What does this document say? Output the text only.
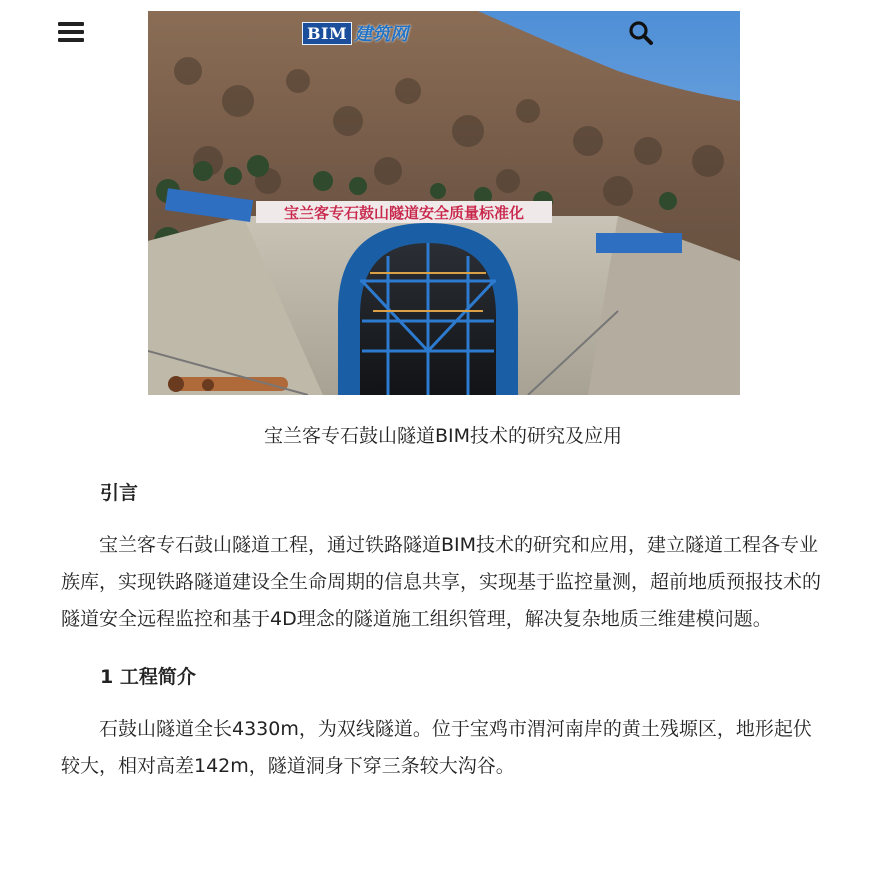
宝兰客专石鼓山隧道安全质量标准化
BIM 建筑网
宝兰客专石鼓山隧道BIM技术的研究及应用
引言

宝兰客专石鼓山隧道工程，通过铁路隧道BIM技术的研究和应用，建立隧道工程各专业族库，实现铁路隧道建设全生命周期的信息共享，实现基于监控量测，超前地质预报技术的隧道安全远程监控和基于4D理念的隧道施工组织管理，解决复杂地质三维建模问题。

1 工程简介

石鼓山隧道全长4330m，为双线隧道。位于宝鸡市渭河南岸的黄土残塬区，地形起伏较大，相对高差142m，隧道洞身下穿三条较大沟谷。
